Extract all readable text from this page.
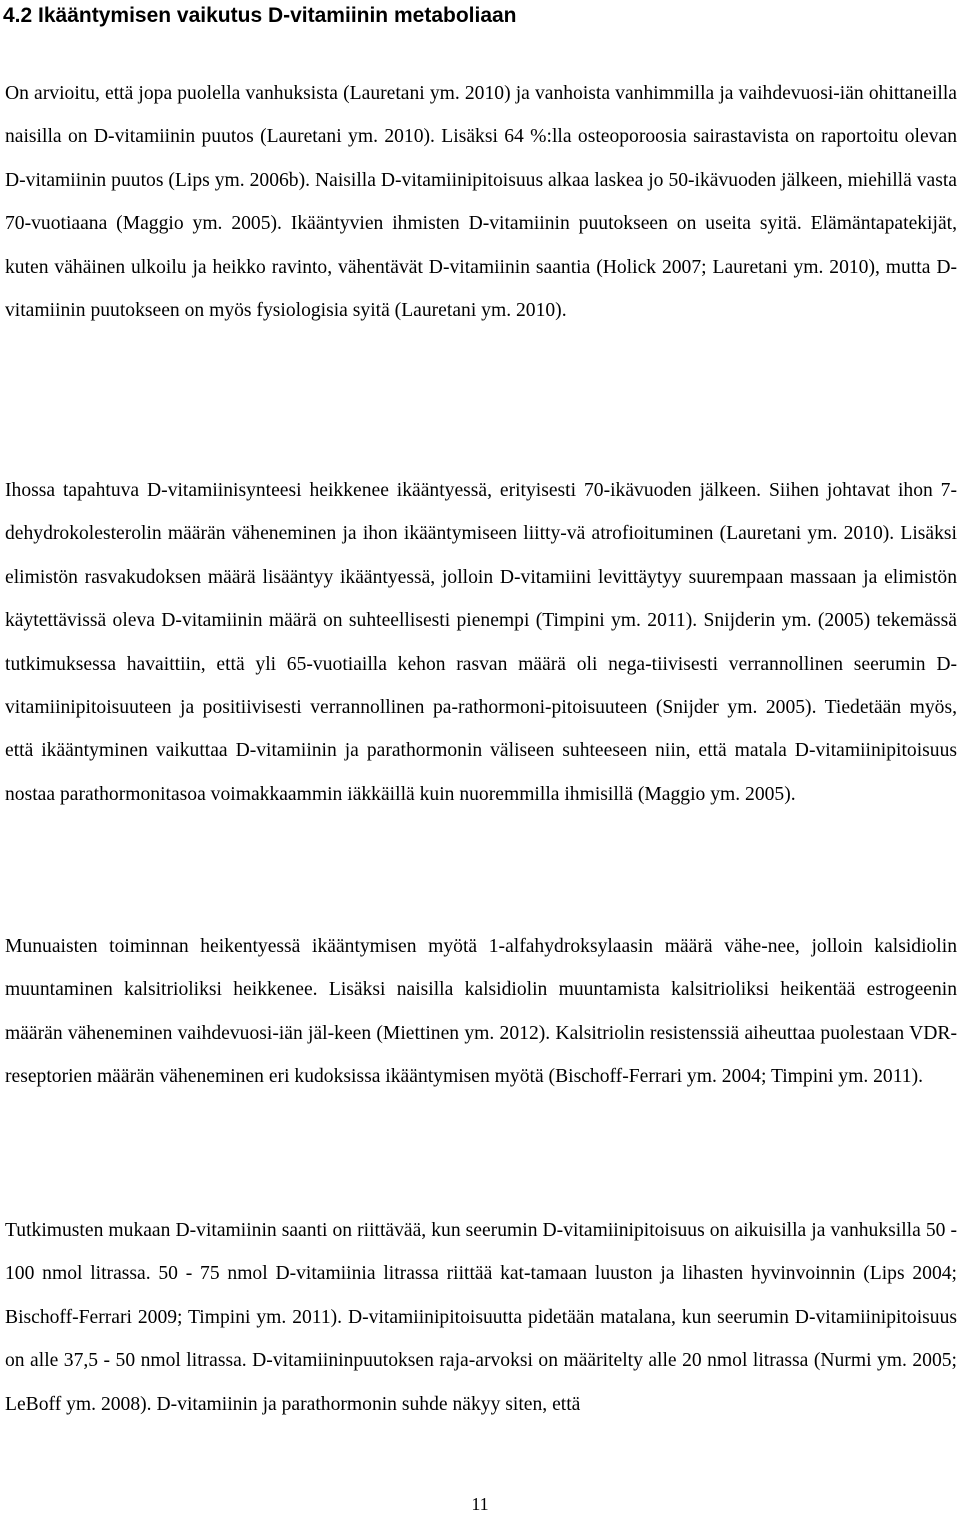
4.2 Ikääntymisen vaikutus D-vitamiinin metaboliaan

On arvioitu, että jopa puolella vanhuksista (Lauretani ym. 2010) ja vanhoista vanhimmilla ja vaihdevuosi-iän ohittaneilla naisilla on D-vitamiinin puutos (Lauretani ym. 2010). Lisäksi 64 %:lla osteoporoosia sairastavista on raportoitu olevan D-vitamiinin puutos (Lips ym. 2006b). Naisilla D-vitamiinipitoisuus alkaa laskea jo 50-ikävuoden jälkeen, miehillä vasta 70-vuotiaana (Maggio ym. 2005). Ikääntyvien ihmisten D-vitamiinin puutokseen on useita syitä. Elämäntapatekijät, kuten vähäinen ulkoilu ja heikko ravinto, vähentävät D-vitamiinin saantia (Holick 2007; Lauretani ym. 2010), mutta D-vitamiinin puutokseen on myös fysiologisia syitä (Lauretani ym. 2010).

Ihossa tapahtuva D-vitamiinisynteesi heikkenee ikääntyessä, erityisesti 70-ikävuoden jälkeen. Siihen johtavat ihon 7-dehydrokolesterolin määrän väheneminen ja ihon ikääntymiseen liitty-vä atrofioituminen (Lauretani ym. 2010). Lisäksi elimistön rasvakudoksen määrä lisääntyy ikääntyessä, jolloin D-vitamiini levittäytyy suurempaan massaan ja elimistön käytettävissä oleva D-vitamiinin määrä on suhteellisesti pienempi (Timpini ym. 2011). Snijderin ym. (2005) tekemässä tutkimuksessa havaittiin, että yli 65-vuotiailla kehon rasvan määrä oli nega-tiivisesti verrannollinen seerumin D-vitamiinipitoisuuteen ja positiivisesti verrannollinen pa-rathormoni-pitoisuuteen (Snijder ym. 2005). Tiedetään myös, että ikääntyminen vaikuttaa D-vitamiinin ja parathormonin väliseen suhteeseen niin, että matala D-vitamiinipitoisuus nostaa parathormonitasoa voimakkaammin iäkkäillä kuin nuoremmilla ihmisillä (Maggio ym. 2005).

Munuaisten toiminnan heikentyessä ikääntymisen myötä 1-alfahydroksylaasin määrä vähe-nee, jolloin kalsidiolin muuntaminen kalsitrioliksi heikkenee. Lisäksi naisilla kalsidiolin muuntamista kalsitrioliksi heikentää estrogeenin määrän väheneminen vaihdevuosi-iän jäl-keen (Miettinen ym. 2012). Kalsitriolin resistenssiä aiheuttaa puolestaan VDR-reseptorien määrän väheneminen eri kudoksissa ikääntymisen myötä (Bischoff-Ferrari ym. 2004; Timpini ym. 2011).

Tutkimusten mukaan D-vitamiinin saanti on riittävää, kun seerumin D-vitamiinipitoisuus on aikuisilla ja vanhuksilla 50 - 100 nmol litrassa. 50 - 75 nmol D-vitamiinia litrassa riittää kat-tamaan luuston ja lihasten hyvinvoinnin (Lips 2004; Bischoff-Ferrari 2009; Timpini ym. 2011). D-vitamiinipitoisuutta pidetään matalana, kun seerumin D-vitamiinipitoisuus on alle 37,5 - 50 nmol litrassa. D-vitamiininpuutoksen raja-arvoksi on määritelty alle 20 nmol litrassa (Nurmi ym. 2005; LeBoff ym. 2008). D-vitamiinin ja parathormonin suhde näkyy siten, että

11
